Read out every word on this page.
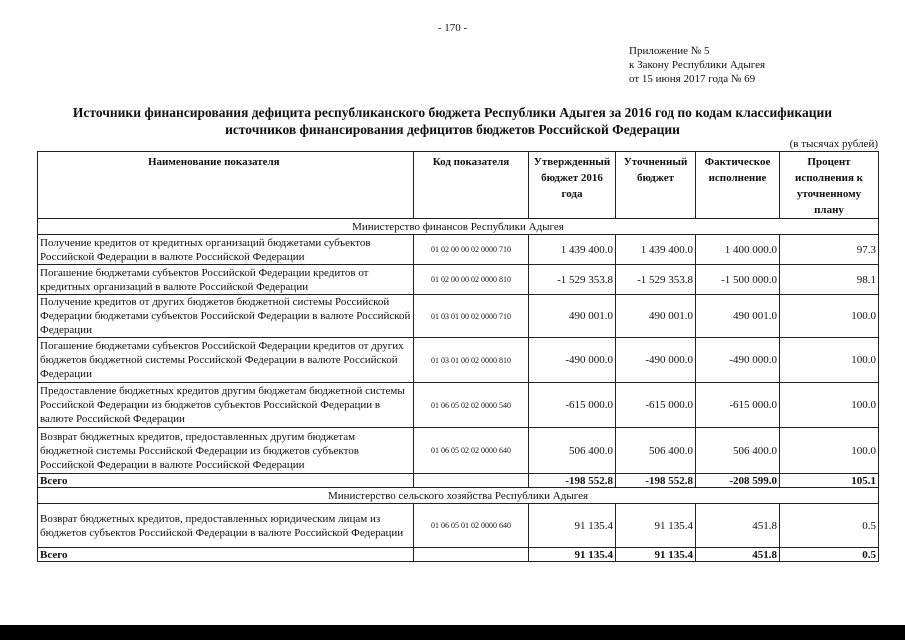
- 170 -
Приложение № 5
к Закону Республики Адыгея
от 15 июня 2017 года № 69
Источники финансирования дефицита республиканского бюджета Республики Адыгея за 2016 год по кодам классификации
источников финансирования дефицитов бюджетов Российской Федерации
(в тысячах рублей)
Наименование показателя	Код показателя	Утвержденный бюджет 2016 года	Уточненный бюджет	Фактическое исполнение	Процент исполнения к уточненному плану
Министерство финансов Республики Адыгея					
Получение кредитов от кредитных организаций бюджетами субъектов Российской Федерации в валюте Российской Федерации	01 02 00 00 02 0000 710	1 439 400.0	1 439 400.0	1 400 000.0	97.3
Погашение бюджетами субъектов Российской Федерации кредитов от кредитных организаций в валюте Российской Федерации	01 02 00 00 02 0000 810	-1 529 353.8	-1 529 353.8	-1 500 000.0	98.1
Получение кредитов от других бюджетов бюджетной системы Российской Федерации бюджетами субъектов Российской Федерации в валюте Российской Федерации	01 03 01 00 02 0000 710	490 001.0	490 001.0	490 001.0	100.0
Погашение бюджетами субъектов Российской Федерации кредитов от других бюджетов бюджетной системы Российской Федерации в валюте Российской Федерации	01 03 01 00 02 0000 810	-490 000.0	-490 000.0	-490 000.0	100.0
Предоставление бюджетных кредитов другим бюджетам бюджетной системы Российской Федерации из бюджетов субъектов Российской Федерации в валюте Российской Федерации	01 06 05 02 02 0000 540	-615 000.0	-615 000.0	-615 000.0	100.0
Возврат бюджетных кредитов, предоставленных другим бюджетам бюджетной системы Российской Федерации из бюджетов субъектов Российской Федерации в валюте Российской Федерации	01 06 05 02 02 0000 640	506 400.0	506 400.0	506 400.0	100.0
Всего		-198 552.8	-198 552.8	-208 599.0	105.1
Министерство сельского хозяйства Республики Адыгея					
Возврат бюджетных кредитов, предоставленных юридическим лицам из бюджетов субъектов Российской Федерации в валюте Российской Федерации	01 06 05 01 02 0000 640	91 135.4	91 135.4	451.8	0.5
Всего		91 135.4	91 135.4	451.8	0.5
